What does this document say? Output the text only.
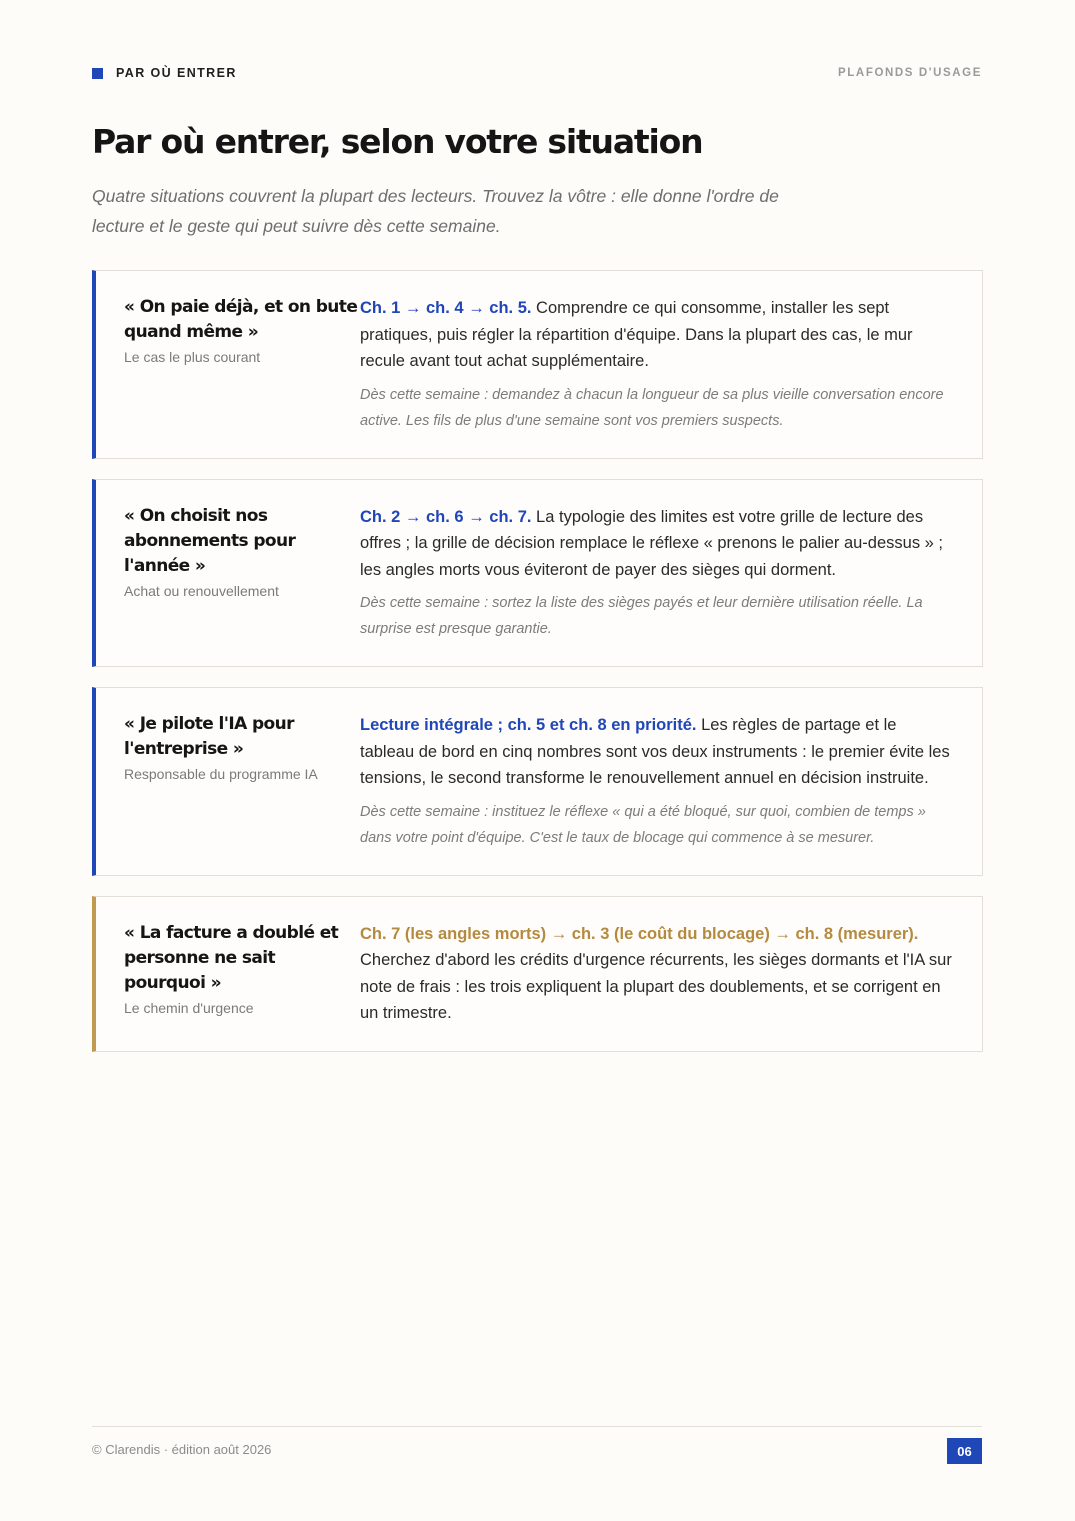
PAR OÙ ENTRER	PLAFONDS D'USAGE
Par où entrer, selon votre situation

Quatre situations couvrent la plupart des lecteurs. Trouvez la vôtre : elle donne l'ordre de lecture et le geste qui peut suivre dès cette semaine.

« On paie déjà, et on bute quand même »

Le cas le plus courant

Ch. 1 → ch. 4 → ch. 5. Comprendre ce qui consomme, installer les sept pratiques, puis régler la répartition d'équipe. Dans la plupart des cas, le mur recule avant tout achat supplémentaire.

Dès cette semaine : demandez à chacun la longueur de sa plus vieille conversation encore active. Les fils de plus d'une semaine sont vos premiers suspects.

« On choisit nos abonnements pour l'année »

Achat ou renouvellement

Ch. 2 → ch. 6 → ch. 7. La typologie des limites est votre grille de lecture des offres ; la grille de décision remplace le réflexe « prenons le palier au-dessus » ; les angles morts vous éviteront de payer des sièges qui dorment.

Dès cette semaine : sortez la liste des sièges payés et leur dernière utilisation réelle. La surprise est presque garantie.

« Je pilote l'IA pour l'entreprise »

Responsable du programme IA

Lecture intégrale ; ch. 5 et ch. 8 en priorité. Les règles de partage et le tableau de bord en cinq nombres sont vos deux instruments : le premier évite les tensions, le second transforme le renouvellement annuel en décision instruite.

Dès cette semaine : instituez le réflexe « qui a été bloqué, sur quoi, combien de temps » dans votre point d'équipe. C'est le taux de blocage qui commence à se mesurer.

« La facture a doublé et personne ne sait pourquoi »

Le chemin d'urgence

Ch. 7 (les angles morts) → ch. 3 (le coût du blocage) → ch. 8 (mesurer). Cherchez d'abord les crédits d'urgence récurrents, les sièges dormants et l'IA sur note de frais : les trois expliquent la plupart des doublements, et se corrigent en un trimestre.

© Clarendis · édition août 2026	06
